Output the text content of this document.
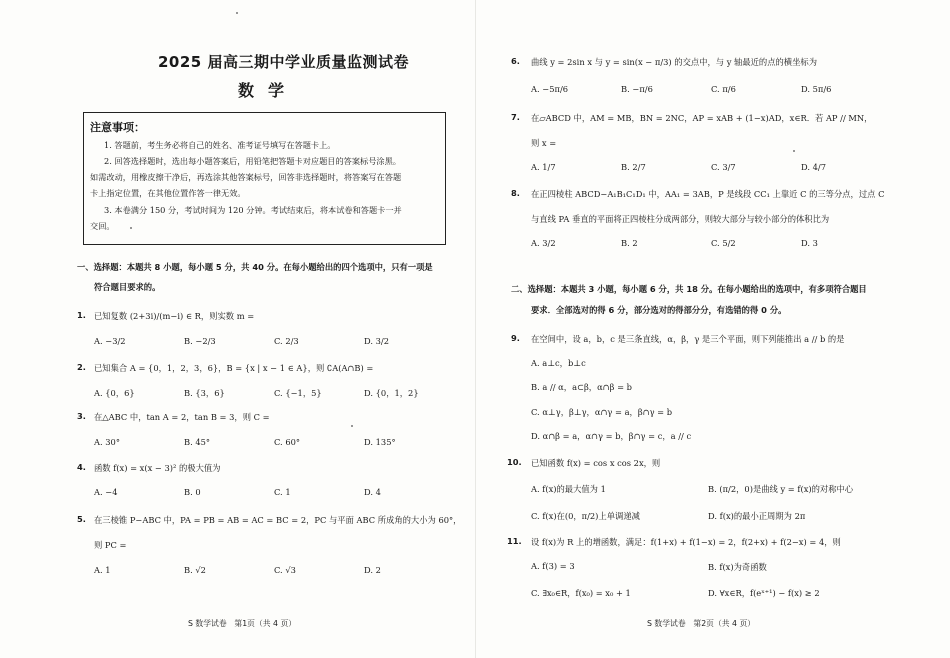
2025 届高三期中学业质量监测试卷
数学
注意事项：
1. 答题前，考生务必将自己的姓名、准考证号填写在答题卡上。
2. 回答选择题时，选出每小题答案后，用铅笔把答题卡对应题目的答案标号涂黑。
如需改动，用橡皮擦干净后，再选涂其他答案标号，回答非选择题时，将答案写在答题
卡上指定位置，在其他位置作答一律无效。
3. 本卷满分 150 分，考试时间为 120 分钟。考试结束后，将本试卷和答题卡一并
交回。
一、选择题：本题共 8 小题，每小题 5 分，共 40 分。在每小题给出的四个选项中，只有一项是
符合题目要求的。
1. 已知复数 (2+3i)/(m−i) ∈ R，则实数 m =
A. −3/2	B. −2/3	C. 2/3	D. 3/2
2. 已知集合 A = {0，1，2，3，6}，B = {x | x − 1 ∈ A}，则 ∁A(A∩B) =
A. {0，6}	B. {3，6}	C. {−1，5}	D. {0，1，2}
3. 在△ABC 中，tan A = 2，tan B = 3，则 C =
A. 30°	B. 45°	C. 60°	D. 135°
4. 函数 f(x) = x(x − 3)² 的极大值为
A. −4	B. 0	C. 1	D. 4
5. 在三棱锥 P−ABC 中，PA = PB = AB = AC = BC = 2，PC 与平面 ABC 所成角的大小为 60°，
则 PC =
A. 1	B. √2	C. √3	D. 2
S 数学试卷　第1页（共 4 页）
6. 曲线 y = 2sin x 与 y = sin(x − π/3) 的交点中，与 y 轴最近的点的横坐标为
A. −5π/6	B. −π/6	C. π/6	D. 5π/6
7. 在▱ABCD 中，AM = MB，BN = 2NC，AP = xAB + (1−x)AD，x∈R．若 AP // MN，
则 x =
A. 1/7	B. 2/7	C. 3/7	D. 4/7
8. 在正四棱柱 ABCD−A₁B₁C₁D₁ 中，AA₁ = 3AB，P 是线段 CC₁ 上靠近 C 的三等分点，过点 C
与直线 PA 垂直的平面将正四棱柱分成两部分，则较大部分与较小部分的体积比为
A. 3/2	B. 2	C. 5/2	D. 3
二、选择题：本题共 3 小题，每小题 6 分，共 18 分。在每小题给出的选项中，有多项符合题目
要求．全部选对的得 6 分，部分选对的得部分分，有选错的得 0 分。
9. 在空间中，设 a，b，c 是三条直线，α，β，γ 是三个平面，则下列能推出 a // b 的是
A. a⊥c，b⊥c
B. a // α，a⊂β，α∩β = b
C. α⊥γ，β⊥γ，α∩γ = a，β∩γ = b
D. α∩β = a，α∩γ = b，β∩γ = c，a // c
10. 已知函数 f(x) = cos x cos 2x，则
A. f(x)的最大值为 1	B. (π/2，0)是曲线 y = f(x)的对称中心
C. f(x)在(0，π/2)上单调递减	D. f(x)的最小正周期为 2π
11. 设 f(x)为 R 上的增函数，满足：f(1+x) + f(1−x) = 2，f(2+x) + f(2−x) = 4，则
A. f(3) = 3	B. f(x)为奇函数
C. ∃x₀∈R，f(x₀) = x₀ + 1	D. ∀x∈R，f(eˣ⁺¹) − f(x) ≥ 2
S 数学试卷　第2页（共 4 页）
